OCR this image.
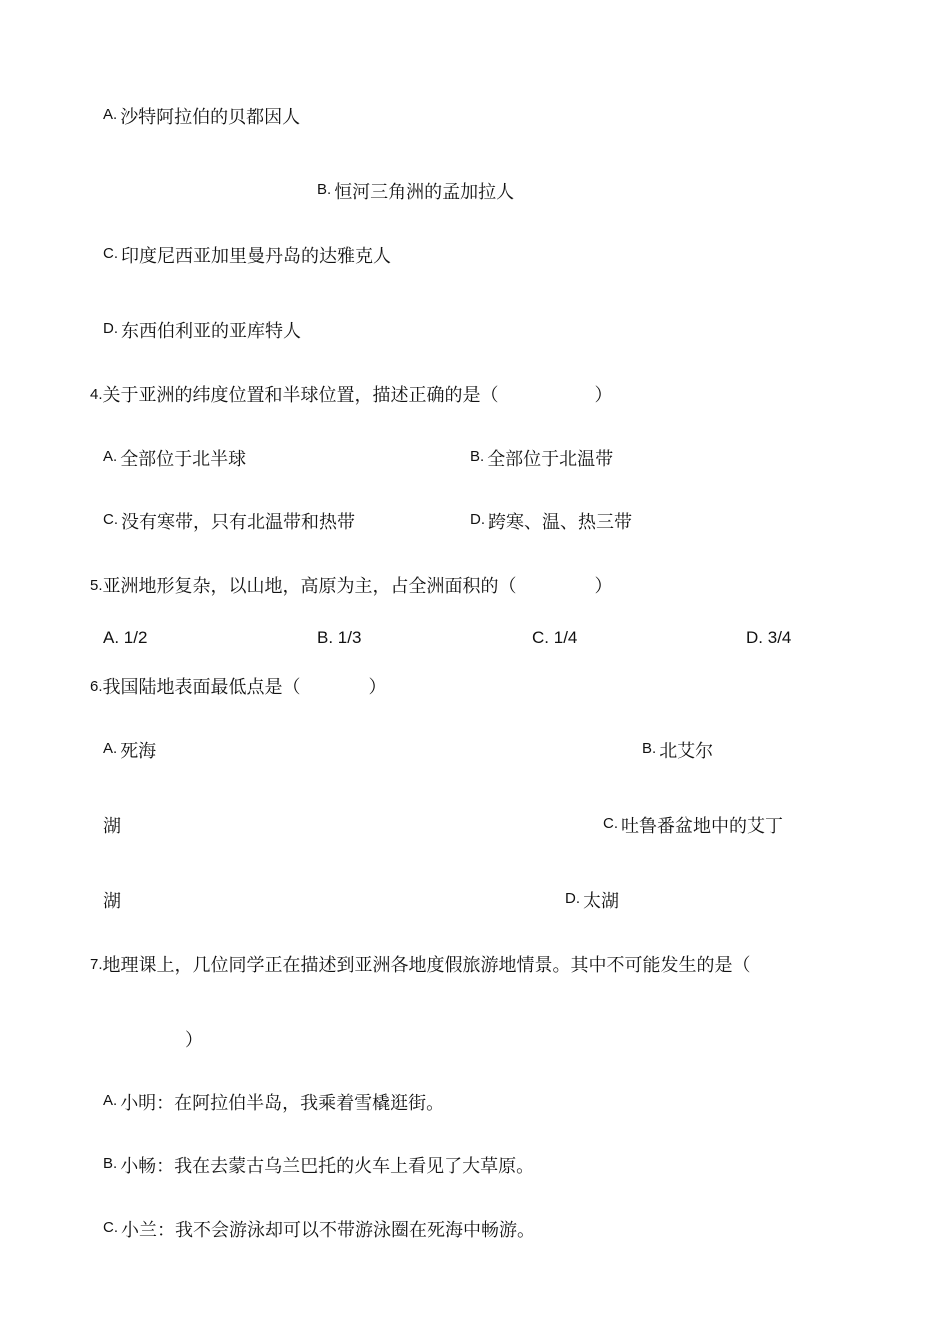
$^{A.}$ 沙特阿拉伯的贝都因人
$^{B.}$ 恒河三角洲的孟加拉人
$^{C.}$ 印度尼西亚加里曼丹岛的达雅克人
$^{D.}$ 东西伯利亚的亚库特人
4.关于亚洲的纬度位置和半球位置，描述正确的是（	）
$^{A.}$ 全部位于北半球	$^{B.}$ 全部位于北温带
$^{C.}$ 没有寒带，只有北温带和热带	$^{D.}$ 跨寒、温、热三带
5.亚洲地形复杂，以山地，高原为主，占全洲面积的（	）
A. 1/2	B. 1/3	C. 1/4	D. 3/4
6.我国陆地表面最低点是（	）
$^{A.}$ 死海	$^{B.}$ 北艾尔
湖	$^{C.}$ 吐鲁番盆地中的艾丁
湖	$^{D.}$ 太湖
7.地理课上，几位同学正在描述到亚洲各地度假旅游地情景。其中不可能发生的是（
）
$^{A.}$ 小明：在阿拉伯半岛，我乘着雪橇逛街。
$^{B.}$ 小畅：我在去蒙古乌兰巴托的火车上看见了大草原。
$^{C.}$ 小兰：我不会游泳却可以不带游泳圈在死海中畅游。
